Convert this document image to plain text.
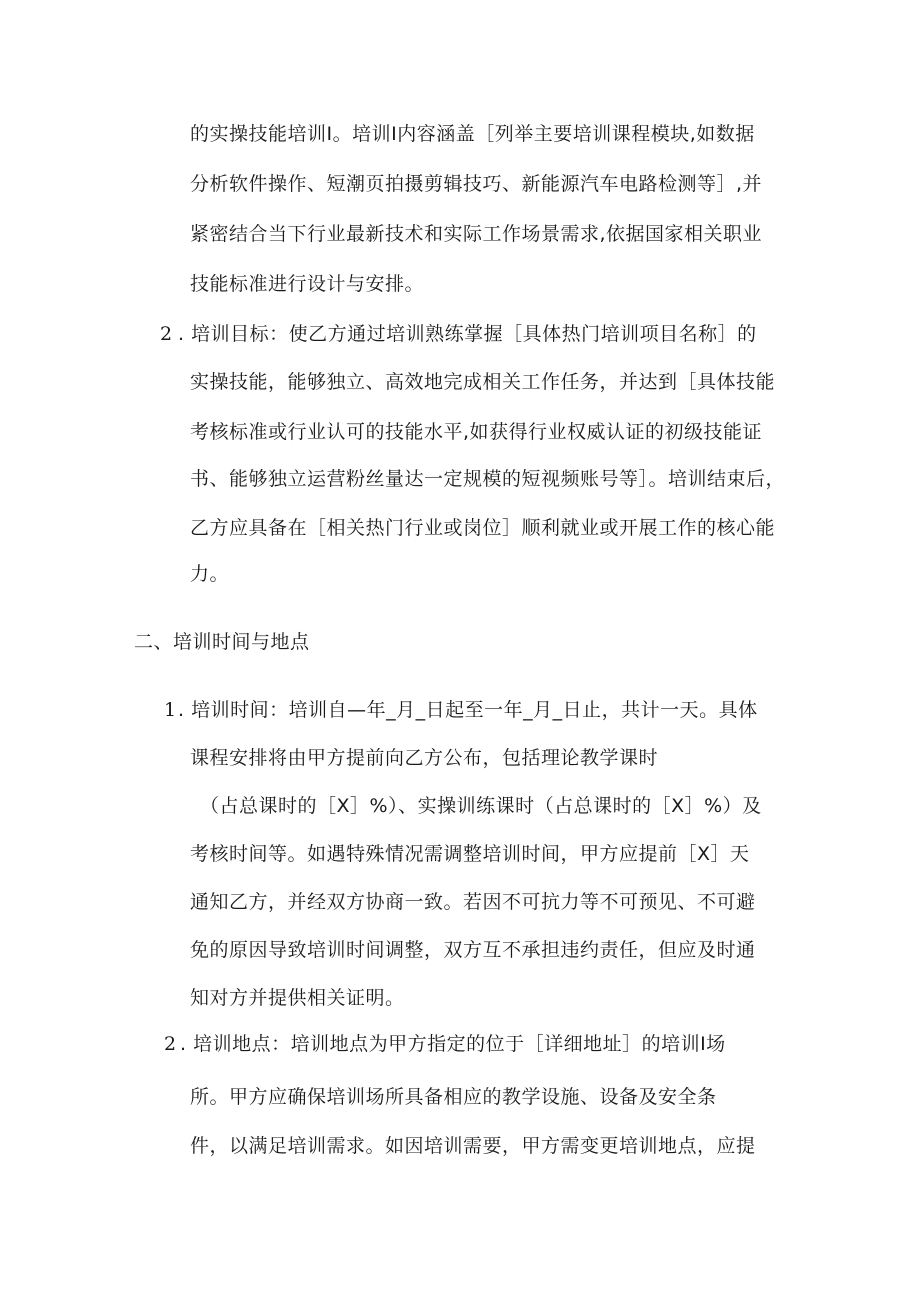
的实操技能培训I。培训I内容涵盖［列举主要培训课程模块,如数据
分析软件操作、短潮页拍摄剪辑技巧、新能源汽车电路检测等］,并
紧密结合当下行业最新技术和实际工作场景需求,依据国家相关职业
技能标准进行设计与安排。
2 . 培训目标：使乙方通过培训熟练掌握［具体热门培训项目名称］的
实操技能，能够独立、高效地完成相关工作任务，并达到［具体技能
考核标准或行业认可的技能水平,如获得行业权威认证的初级技能证
书、能够独立运营粉丝量达一定规模的短视频账号等］。培训结束后，
乙方应具备在［相关热门行业或岗位］顺利就业或开展工作的核心能
力。
二、培训时间与地点
1 . 培训时间：培训自—年_月_日起至一年_月_日止，共计一天。具体
课程安排将由甲方提前向乙方公布，包括理论教学课时
（占总课时的［X］%）、实操训练课时（占总课时的［X］%）及
考核时间等。如遇特殊情况需调整培训时间，甲方应提前［X］天
通知乙方，并经双方协商一致。若因不可抗力等不可预见、不可避
免的原因导致培训时间调整，双方互不承担违约责任，但应及时通
知对方并提供相关证明。
2 . 培训地点：培训地点为甲方指定的位于［详细地址］的培训I场
所。甲方应确保培训场所具备相应的教学设施、设备及安全条
件，以满足培训需求。如因培训需要，甲方需变更培训地点，应提
